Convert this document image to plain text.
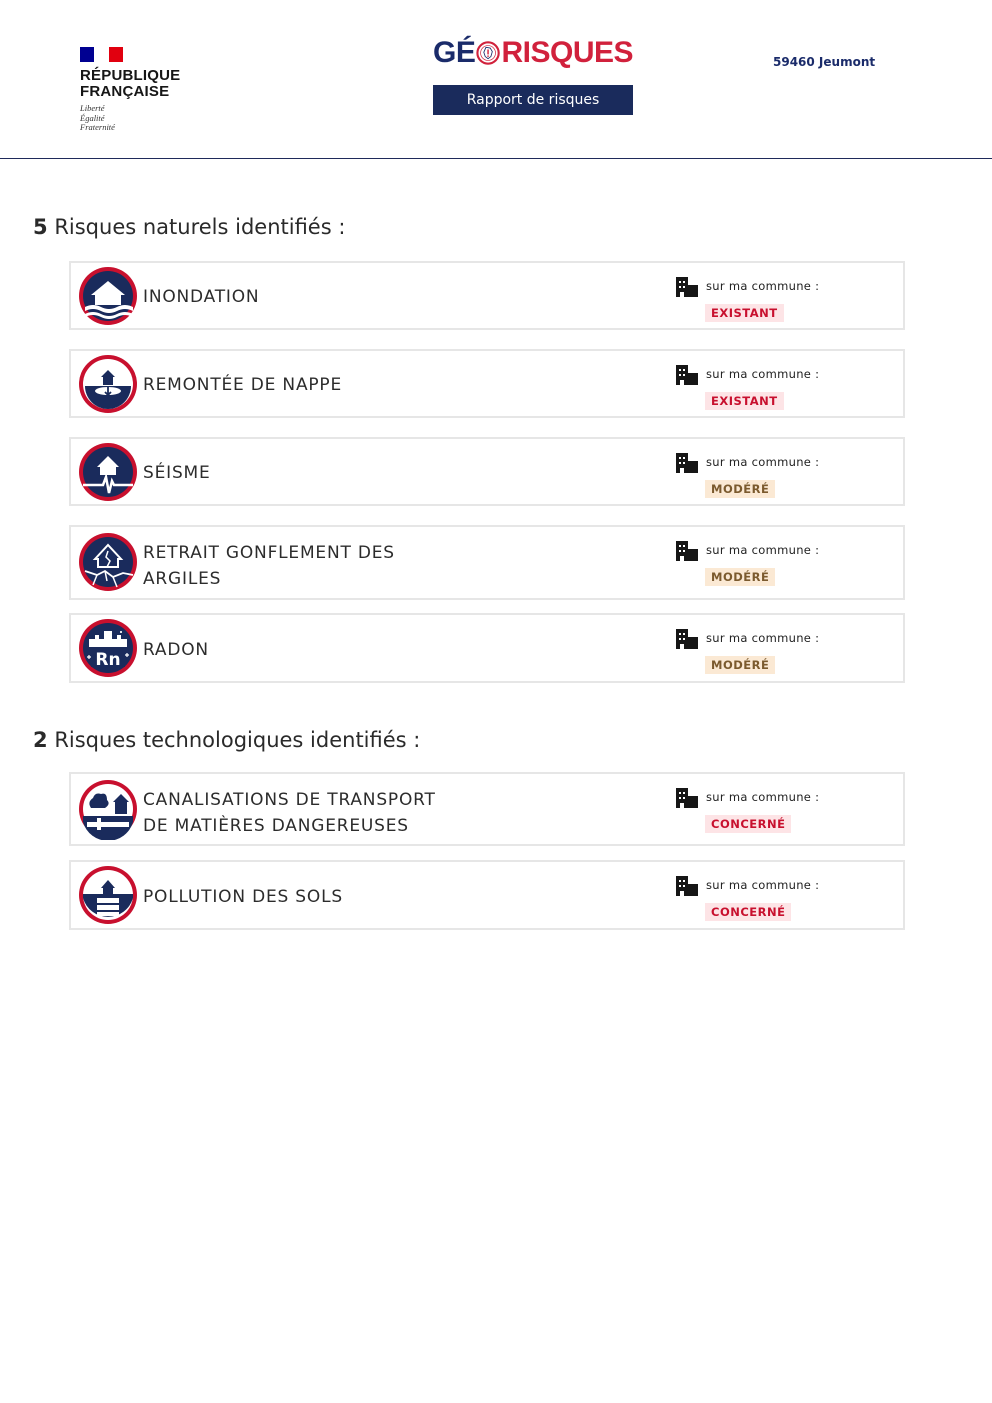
RÉPUBLIQUE
FRANÇAISE
Liberté
Égalité
Fraternité
GÉ RISQUES
Rapport de risques
59460 Jeumont
5 Risques naturels identifiés :
INONDATION
sur ma commune :
EXISTANT
REMONTÉE DE NAPPE
sur ma commune :
EXISTANT
SÉISME
sur ma commune :
MODÉRÉ
RETRAIT GONFLEMENT DES
ARGILES
sur ma commune :
MODÉRÉ
Rn RADON
sur ma commune :
MODÉRÉ
2 Risques technologiques identifiés :
CANALISATIONS DE TRANSPORT
DE MATIÈRES DANGEREUSES
sur ma commune :
CONCERNÉ
POLLUTION DES SOLS
sur ma commune :
CONCERNÉ
